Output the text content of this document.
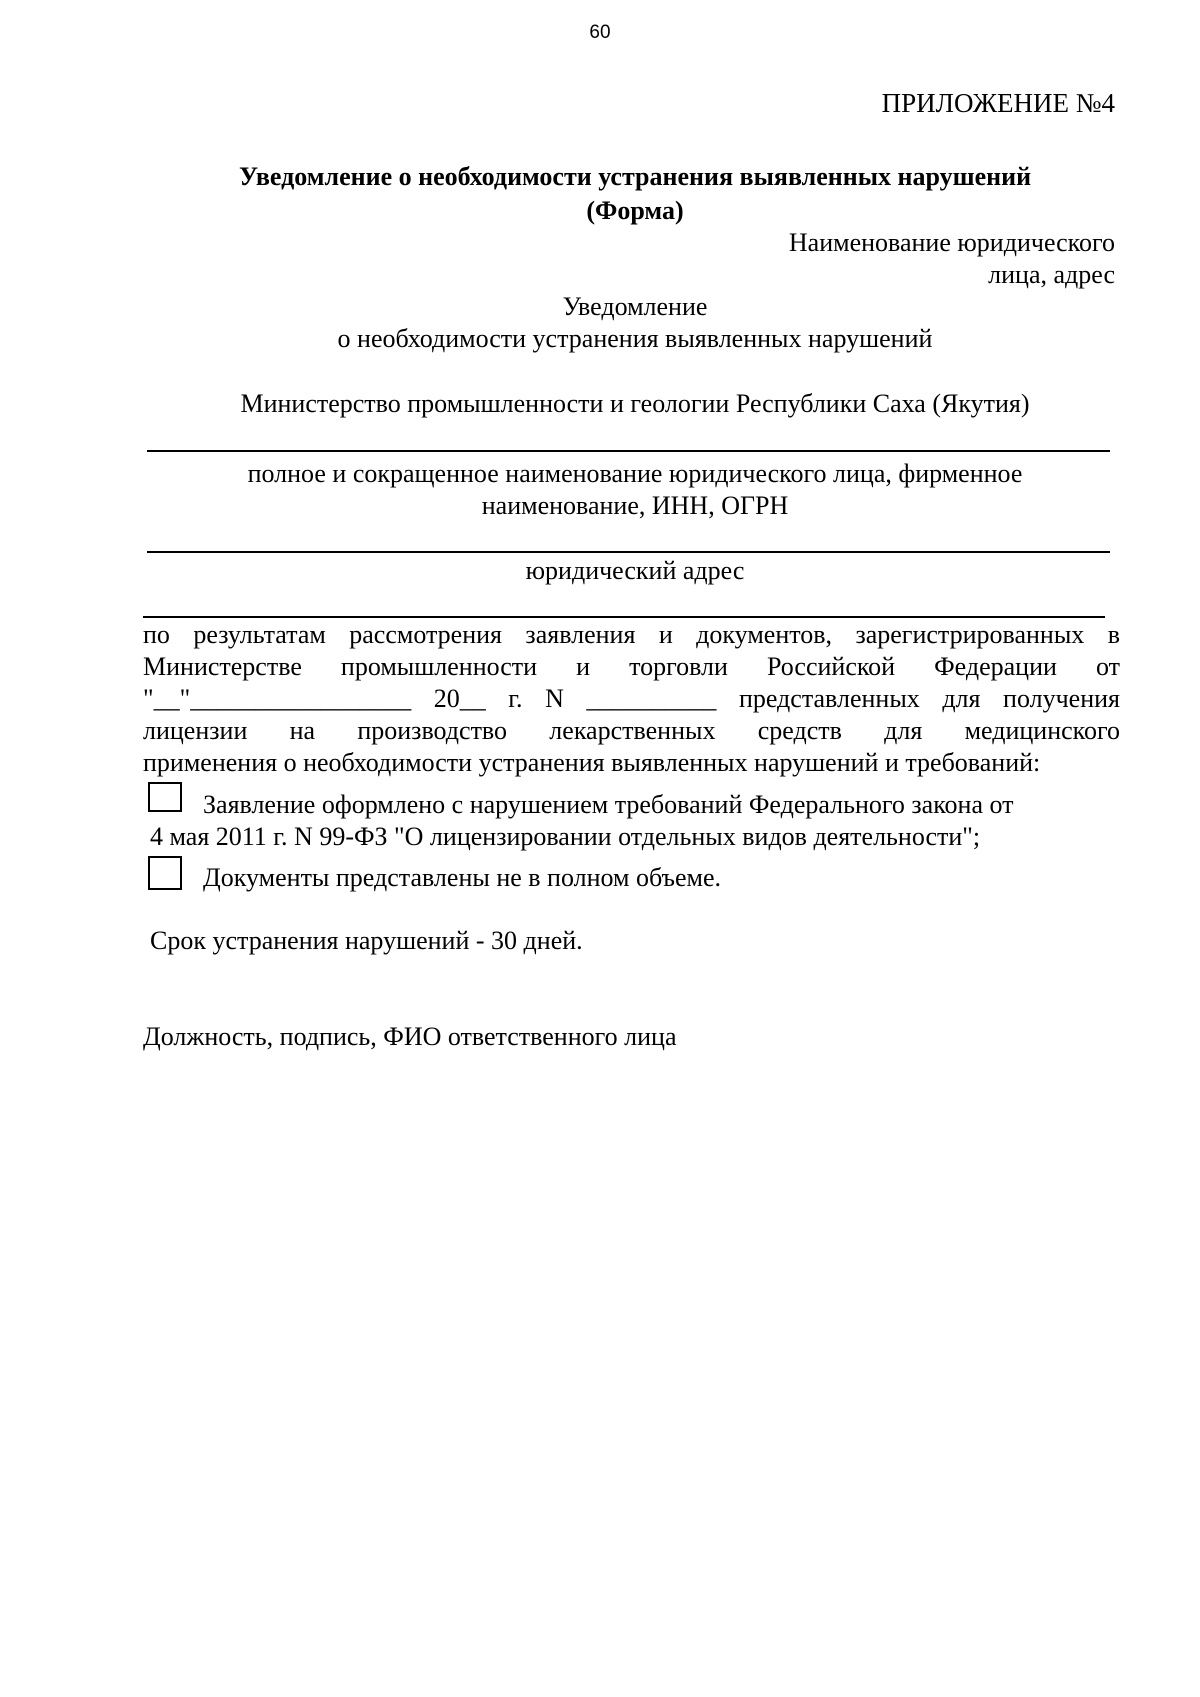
60
ПРИЛОЖЕНИЕ №4
Уведомление о необходимости устранения выявленных нарушений
(Форма)
Наименование юридического
лица, адрес
Уведомление
о необходимости устранения выявленных нарушений
Министерство промышленности и геологии Республики Саха (Якутия)
полное и сокращенное наименование юридического лица, фирменное
наименование, ИНН, ОГРН
юридический адрес
по результатам рассмотрения заявления и документов, зарегистрированных в
Министерстве промышленности и торговли Российской Федерации от
"__"_________________ 20__ г. N __________ представленных для получения
лицензии на производство лекарственных средств для медицинского
применения о необходимости устранения выявленных нарушений и требований:
Заявление оформлено с нарушением требований Федерального закона от
4 мая 2011 г. N 99-ФЗ "О лицензировании отдельных видов деятельности";
Документы представлены не в полном объеме.
Срок устранения нарушений - 30 дней.
Должность, подпись, ФИО ответственного лица
